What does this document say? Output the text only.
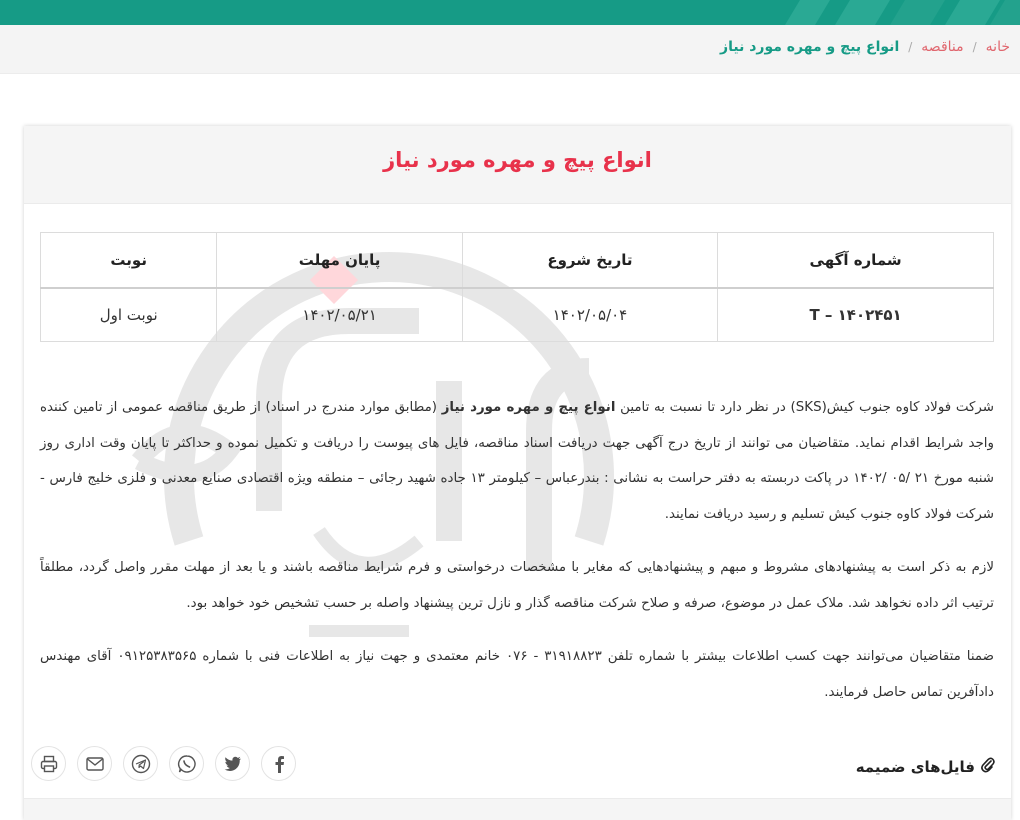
خانه
/
مناقصه
/
انواع پیچ و مهره مورد نیاز
انواع پیچ و مهره مورد نیاز
شماره آگهی	تاریخ شروع	پایان مهلت	نوبت
T – ۱۴۰۲۴۵۱	۱۴۰۲/۰۵/۰۴	۱۴۰۲/۰۵/۲۱	نوبت اول

شرکت فولاد کاوه جنوب کیش(SKS) در نظر دارد تا نسبت به تامین انواع پیچ و مهره مورد نیاز (مطابق موارد مندرج در اسناد) از طریق مناقصه عمومی از تامین کننده واجد شرایط اقدام نماید. متقاضیان می توانند از تاریخ درج آگهی جهت دریافت اسناد مناقصه، فایل های پیوست را دریافت و تکمیل نموده و حداکثر تا پایان وقت اداری روز شنبه مورخ ۲۱ /۰۵ /۱۴۰۲ در پاکت دربسته به دفتر حراست به نشانی : بندرعباس – کیلومتر ۱۳ جاده شهید رجائی – منطقه ویژه اقتصادی صنایع معدنی و فلزی خلیج فارس - شرکت فولاد کاوه جنوب کیش تسلیم و رسید دریافت نمایند.

لازم به ذکر است به پیشنهادهای مشروط و مبهم و پیشنهادهایی که مغایر با مشخصات درخواستی و فرم شرایط مناقصه باشند و یا بعد از مهلت مقرر واصل گردد، مطلقاً ترتیب اثر داده نخواهد شد. ملاک عمل در موضوع، صرفه و صلاح شرکت مناقصه گذار و نازل ترین پیشنهاد واصله بر حسب تشخیص خود خواهد بود.

ضمنا متقاضیان می‌توانند جهت کسب اطلاعات بیشتر با شماره تلفن ۳۱۹۱۸۸۲۳ - ۰۷۶ خانم معتمدی و جهت نیاز به اطلاعات فنی با شماره ۰۹۱۲۵۳۸۳۵۶۵ آقای مهندس دادآفرین تماس حاصل فرمایند.

فایل‌های ضمیمه
